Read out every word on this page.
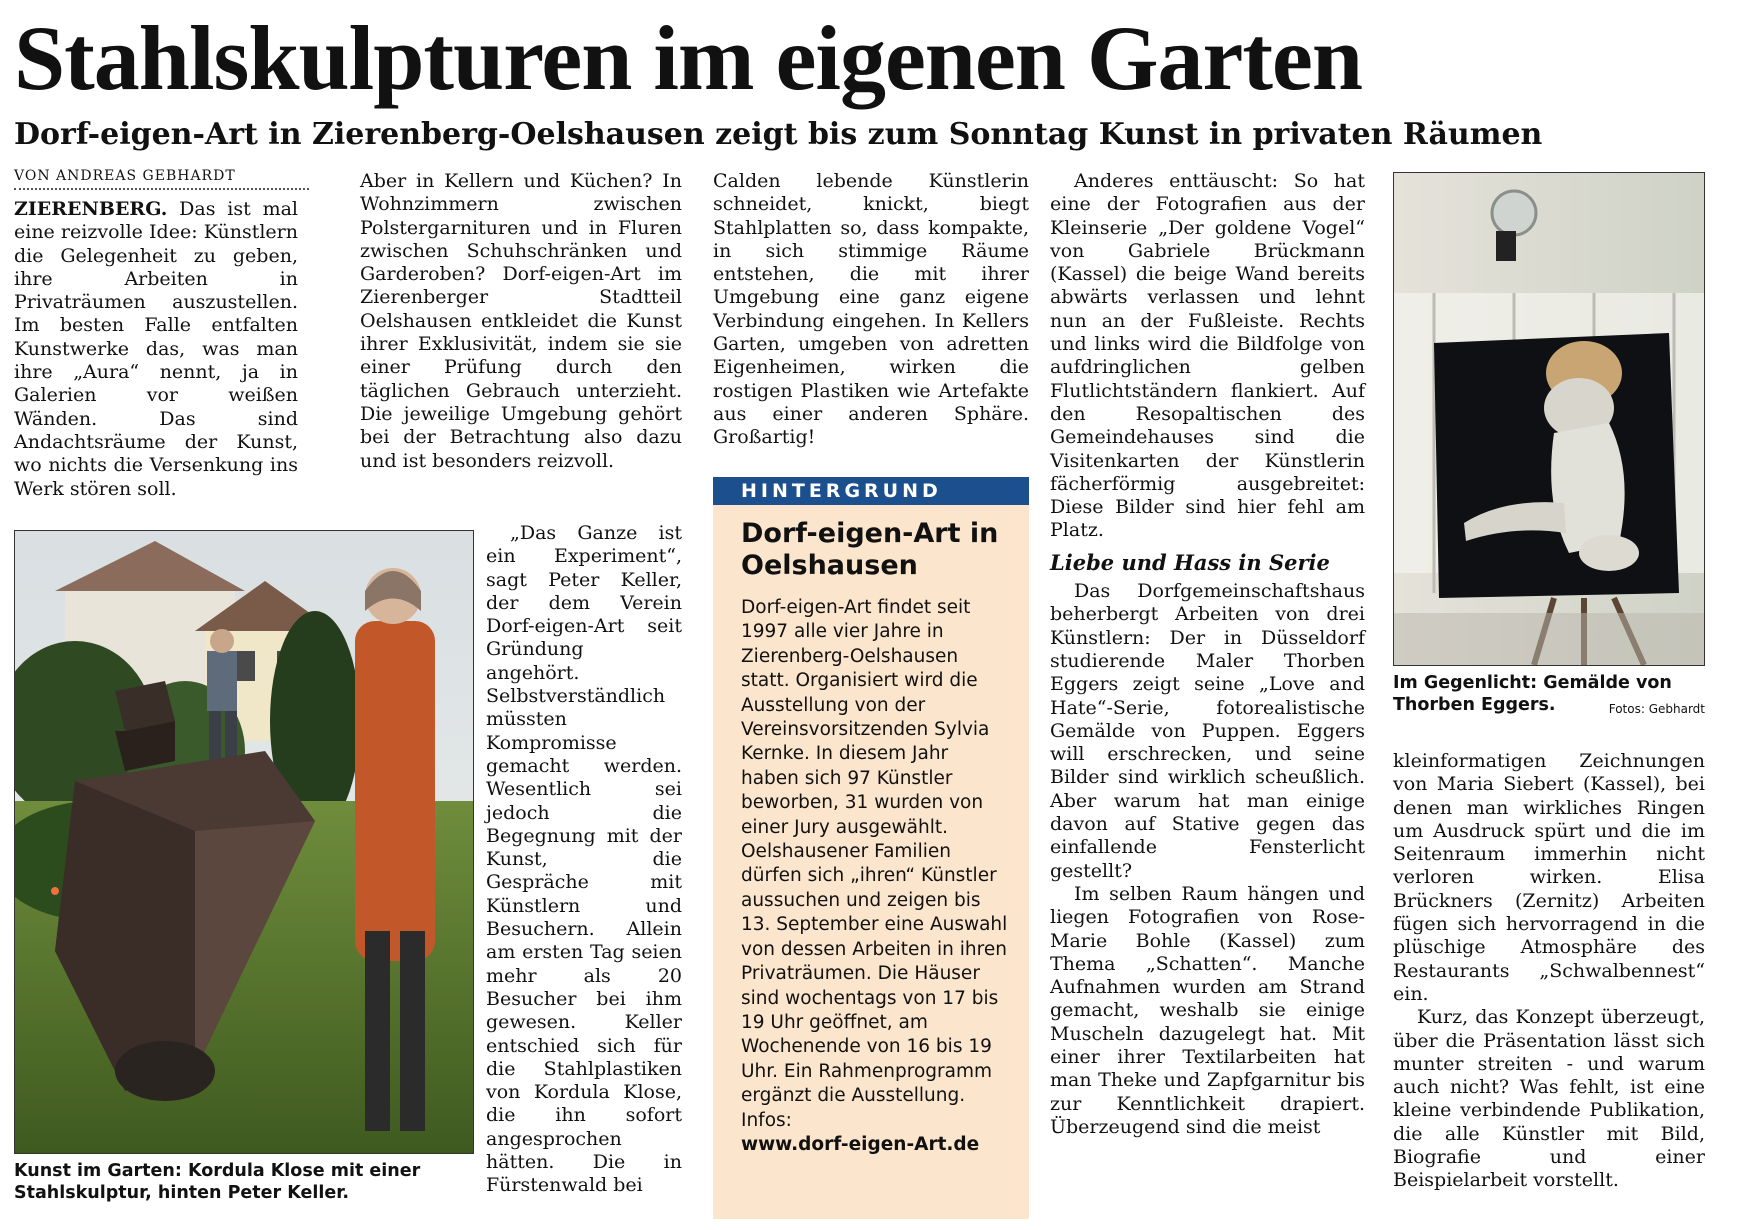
Stahlskulpturen im eigenen Garten
Dorf-eigen-Art in Zierenberg-Oelshausen zeigt bis zum Sonntag Kunst in privaten Räumen
VON ANDREAS GEBHARDT

ZIERENBERG. Das ist mal eine reizvolle Idee: Künstlern die Gelegenheit zu geben, ihre Arbeiten in Privaträumen auszustellen. Im besten Falle entfalten Kunstwerke das, was man ihre „Aura“ nennt, ja in Galerien vor weißen Wänden. Das sind Andachtsräume der Kunst, wo nichts die Versenkung ins Werk stören soll.

Kunst im Garten: Kordula Klose mit einer Stahlskulptur, hinten Peter Keller.

Aber in Kellern und Küchen? In Wohnzimmern zwischen Polstergarnituren und in Fluren zwischen Schuhschränken und Garderoben? Dorf-eigen-Art im Zierenberger Stadtteil Oelshausen entkleidet die Kunst ihrer Exklusivität, indem sie sie einer Prüfung durch den täglichen Gebrauch unterzieht. Die jeweilige Umgebung gehört bei der Betrachtung also dazu und ist besonders reizvoll.

„Das Ganze ist ein Experiment“, sagt Peter Keller, der dem Verein Dorf-eigen-Art seit Gründung angehört. Selbstverständlich müssten Kompromisse gemacht werden. Wesentlich sei jedoch die Begegnung mit der Kunst, die Gespräche mit Künstlern und Besuchern. Allein am ersten Tag seien mehr als 20 Besucher bei ihm gewesen. Keller entschied sich für die Stahlplastiken von Kordula Klose, die ihn sofort angesprochen hätten. Die in Fürstenwald bei

Calden lebende Künstlerin schneidet, knickt, biegt Stahlplatten so, dass kompakte, in sich stimmige Räume entstehen, die mit ihrer Umgebung eine ganz eigene Verbindung eingehen. In Kellers Garten, umgeben von adretten Eigenheimen, wirken die rostigen Plastiken wie Artefakte aus einer anderen Sphäre. Großartig!

HINTERGRUND
Dorf-eigen-Art in Oelshausen
Dorf-eigen-Art findet seit 1997 alle vier Jahre in Zierenberg-Oelshausen statt. Organisiert wird die Ausstellung von der Vereinsvorsitzenden Sylvia Kernke. In diesem Jahr haben sich 97 Künstler beworben, 31 wurden von einer Jury ausgewählt. Oelshausener Familien dürfen sich „ihren“ Künstler aussuchen und zeigen bis 13. September eine Auswahl von dessen Arbeiten in ihren Privaträumen. Die Häuser sind wochentags von 17 bis 19 Uhr geöffnet, am Wochenende von 16 bis 19 Uhr. Ein Rahmenprogramm ergänzt die Ausstellung. Infos:
www.dorf-eigen-Art.de

Anderes enttäuscht: So hat eine der Fotografien aus der Kleinserie „Der goldene Vogel“ von Gabriele Brückmann (Kassel) die beige Wand bereits abwärts verlassen und lehnt nun an der Fußleiste. Rechts und links wird die Bildfolge von aufdringlichen gelben Flutlichtständern flankiert. Auf den Resopaltischen des Gemeindehauses sind die Visitenkarten der Künstlerin fächerförmig ausgebreitet: Diese Bilder sind hier fehl am Platz.

Liebe und Hass in Serie

Das Dorfgemeinschaftshaus beherbergt Arbeiten von drei Künstlern: Der in Düsseldorf studierende Maler Thorben Eggers zeigt seine „Love and Hate“-Serie, fotorealistische Gemälde von Puppen. Eggers will erschrecken, und seine Bilder sind wirklich scheußlich. Aber warum hat man einige davon auf Stative gegen das einfallende Fensterlicht gestellt?

Im selben Raum hängen und liegen Fotografien von Rose-Marie Bohle (Kassel) zum Thema „Schatten“. Manche Aufnahmen wurden am Strand gemacht, weshalb sie einige Muscheln dazugelegt hat. Mit einer ihrer Textilarbeiten hat man Theke und Zapfgarnitur bis zur Kenntlichkeit drapiert. Überzeugend sind die meist

Im Gegenlicht: Gemälde von Thorben Eggers.	Fotos: Gebhardt

kleinformatigen Zeichnungen von Maria Siebert (Kassel), bei denen man wirkliches Ringen um Ausdruck spürt und die im Seitenraum immerhin nicht verloren wirken. Elisa Brückners (Zernitz) Arbeiten fügen sich hervorragend in die plüschige Atmosphäre des Restaurants „Schwalbennest“ ein.

Kurz, das Konzept überzeugt, über die Präsentation lässt sich munter streiten - und warum auch nicht? Was fehlt, ist eine kleine verbindende Publikation, die alle Künstler mit Bild, Biografie und einer Beispielarbeit vorstellt.
